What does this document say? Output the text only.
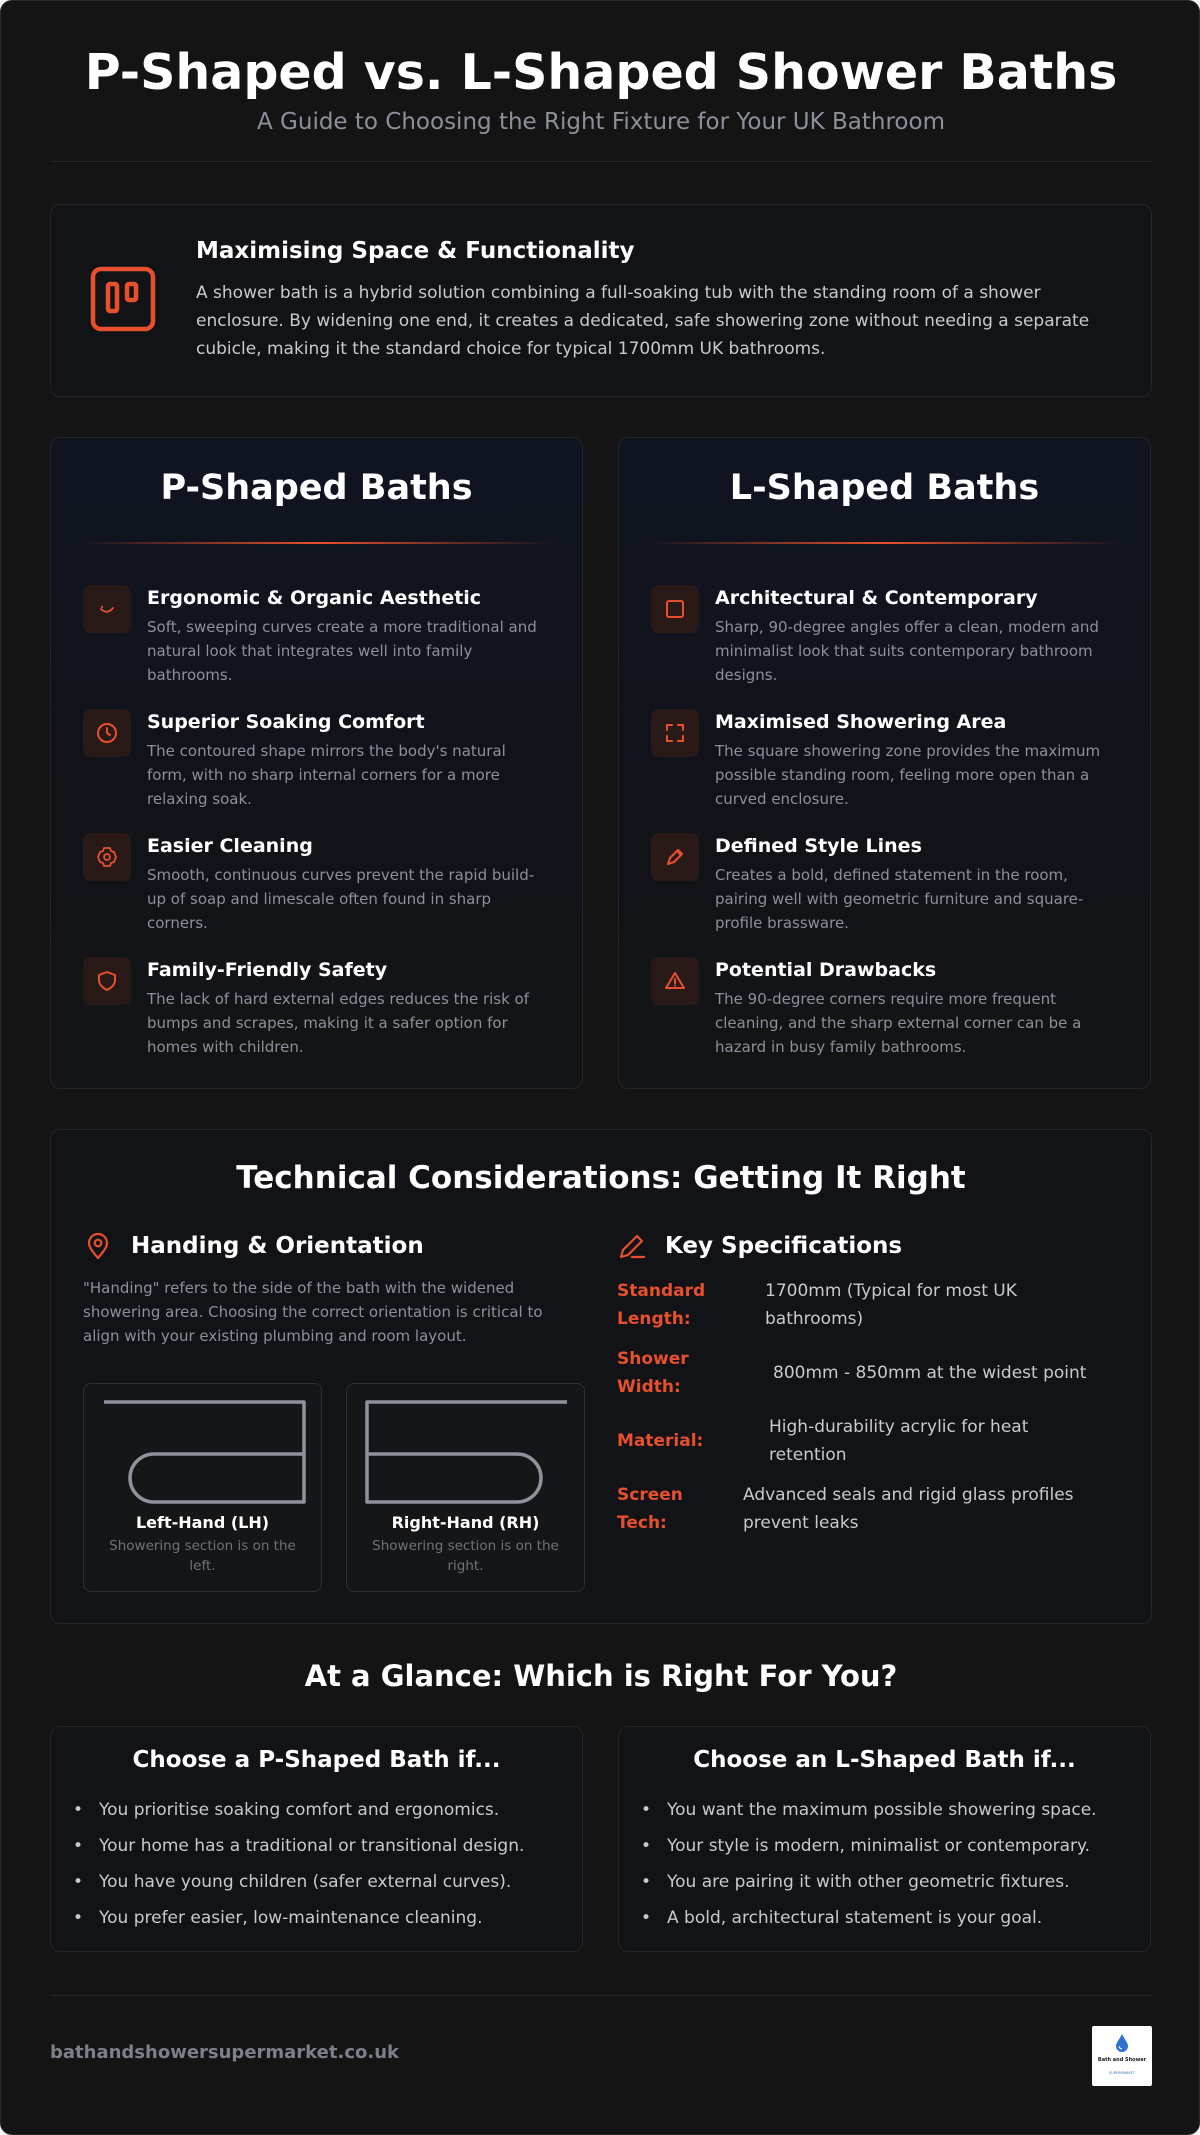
P-Shaped vs. L-Shaped Shower Baths
A Guide to Choosing the Right Fixture for Your UK Bathroom
Maximising Space & Functionality
A shower bath is a hybrid solution combining a full-soaking tub with the standing room of a shower enclosure. By widening one end, it creates a dedicated, safe showering zone without needing a separate cubicle, making it the standard choice for typical 1700mm UK bathrooms.
P-Shaped Baths
Ergonomic & Organic Aesthetic
Soft, sweeping curves create a more traditional and natural look that integrates well into family bathrooms.
Superior Soaking Comfort
The contoured shape mirrors the body's natural form, with no sharp internal corners for a more relaxing soak.
Easier Cleaning
Smooth, continuous curves prevent the rapid build-up of soap and limescale often found in sharp corners.
Family-Friendly Safety
The lack of hard external edges reduces the risk of bumps and scrapes, making it a safer option for homes with children.
L-Shaped Baths
Architectural & Contemporary
Sharp, 90-degree angles offer a clean, modern and minimalist look that suits contemporary bathroom designs.
Maximised Showering Area
The square showering zone provides the maximum possible standing room, feeling more open than a curved enclosure.
Defined Style Lines
Creates a bold, defined statement in the room, pairing well with geometric furniture and square-profile brassware.
Potential Drawbacks
The 90-degree corners require more frequent cleaning, and the sharp external corner can be a hazard in busy family bathrooms.
Technical Considerations: Getting It Right
Handing & Orientation
"Handing" refers to the side of the bath with the widened showering area. Choosing the correct orientation is critical to align with your existing plumbing and room layout.
Left-Hand (LH)
Showering section is on the left.
Right-Hand (RH)
Showering section is on the right.
Key Specifications
Standard
Length:
1700mm (Typical for most UK
bathrooms)
Shower
Width:
800mm - 850mm at the widest point
Material:
High-durability acrylic for heat
retention
Screen
Tech:
Advanced seals and rigid glass profiles
prevent leaks
At a Glance: Which is Right For You?
Choose a P-Shaped Bath if...
• You prioritise soaking comfort and ergonomics.
• Your home has a traditional or transitional design.
• You have young children (safer external curves).
• You prefer easier, low-maintenance cleaning.
Choose an L-Shaped Bath if...
• You want the maximum possible showering space.
• Your style is modern, minimalist or contemporary.
• You are pairing it with other geometric fixtures.
• A bold, architectural statement is your goal.
bathandshowersupermarket.co.uk	Bath and Shower
SUPERMARKET
